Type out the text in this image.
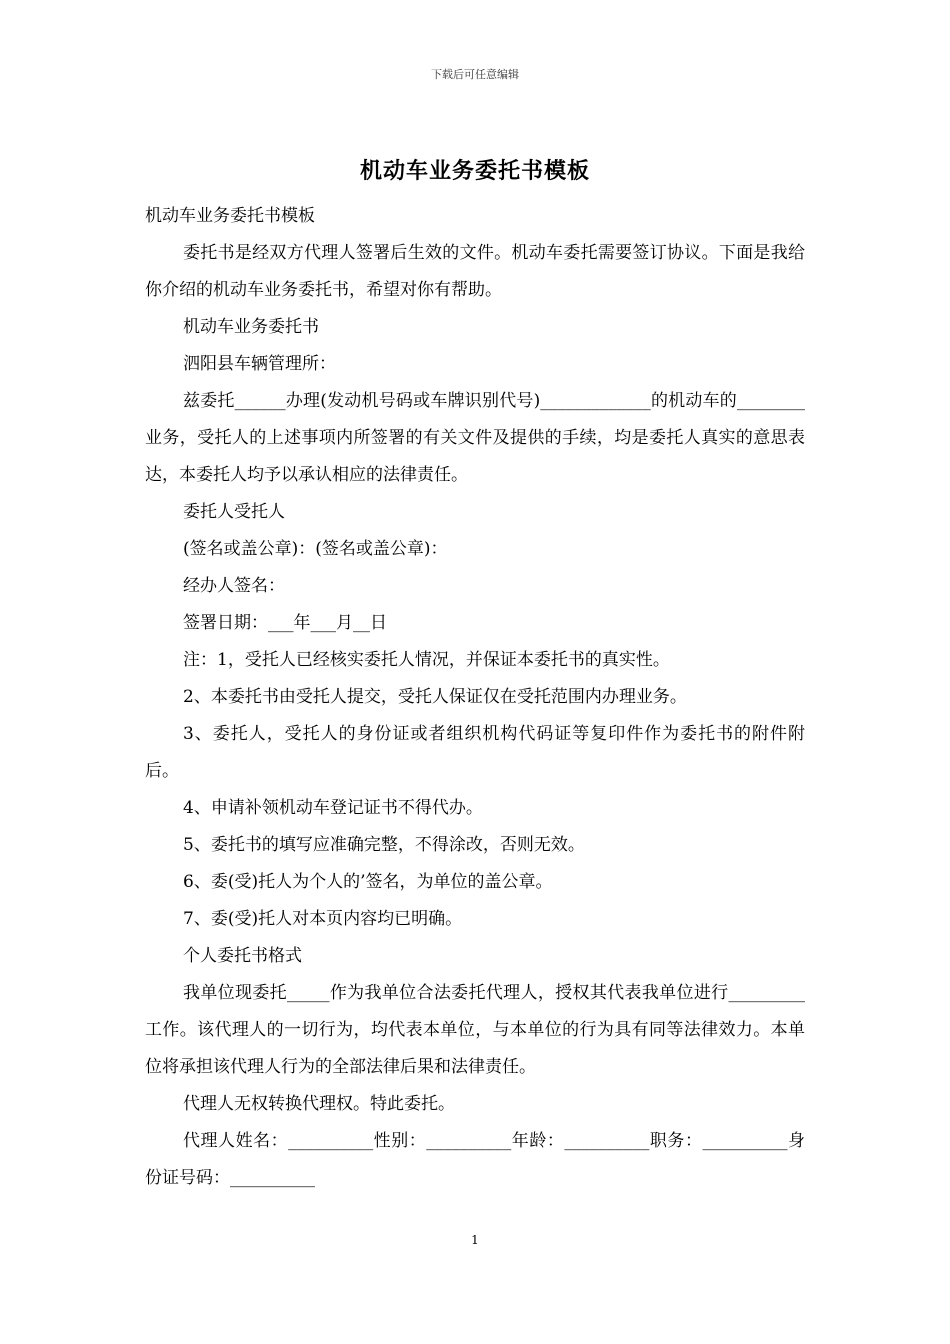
下载后可任意编辑
机动车业务委托书模板

机动车业务委托书模板

委托书是经双方代理人签署后生效的文件。机动车委托需要签订协议。下面是我给你介绍的机动车业务委托书，希望对你有帮助。

机动车业务委托书

泗阳县车辆管理所：

兹委托______办理(发动机号码或车牌识别代号)_____________的机动车的________业务，受托人的上述事项内所签署的有关文件及提供的手续，均是委托人真实的意思表达，本委托人均予以承认相应的法律责任。

委托人受托人

(签名或盖公章)：(签名或盖公章)：

经办人签名：

签署日期：___年___月__日

注：1，受托人已经核实委托人情况，并保证本委托书的真实性。

2、本委托书由受托人提交，受托人保证仅在受托范围内办理业务。

3、委托人，受托人的身份证或者组织机构代码证等复印件作为委托书的附件附后。

4、申请补领机动车登记证书不得代办。

5、委托书的填写应准确完整，不得涂改，否则无效。

6、委(受)托人为个人的’签名，为单位的盖公章。

7、委(受)托人对本页内容均已明确。

个人委托书格式

我单位现委托_____作为我单位合法委托代理人，授权其代表我单位进行_________工作。该代理人的一切行为，均代表本单位，与本单位的行为具有同等法律效力。本单位将承担该代理人行为的全部法律后果和法律责任。

代理人无权转换代理权。特此委托。

代理人姓名：__________性别：__________年龄：__________职务：__________身份证号码：__________

1
